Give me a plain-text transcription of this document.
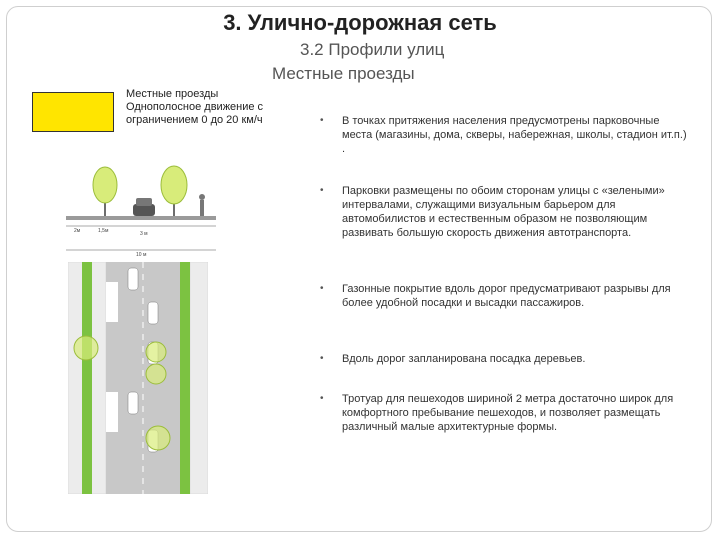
3. Улично-дорожная сеть
3.2 Профили улиц
Местные проезды
Местные проезды
Однополосное движение с
ограничением 0 до 20 км/ч
2м	1,5м	3 м
10 м
• В точках притяжения населения предусмотрены парковочные места (магазины, дома, скверы, набережная, школы, стадион ит.п.) .
• Парковки размещены по обоим сторонам улицы с «зелеными» интервалами, служащими визуальным барьером для автомобилистов и естественным образом не позволяющим развивать большую скорость движения автотранспорта.
• Газонные покрытие вдоль дорог предусматривают разрывы для более удобной посадки и высадки пассажиров.
• Вдоль дорог запланирована посадка деревьев.
• Тротуар для пешеходов шириной 2 метра достаточно широк для комфортного пребывание пешеходов, и позволяет размещать различный малые архитектурные формы.
